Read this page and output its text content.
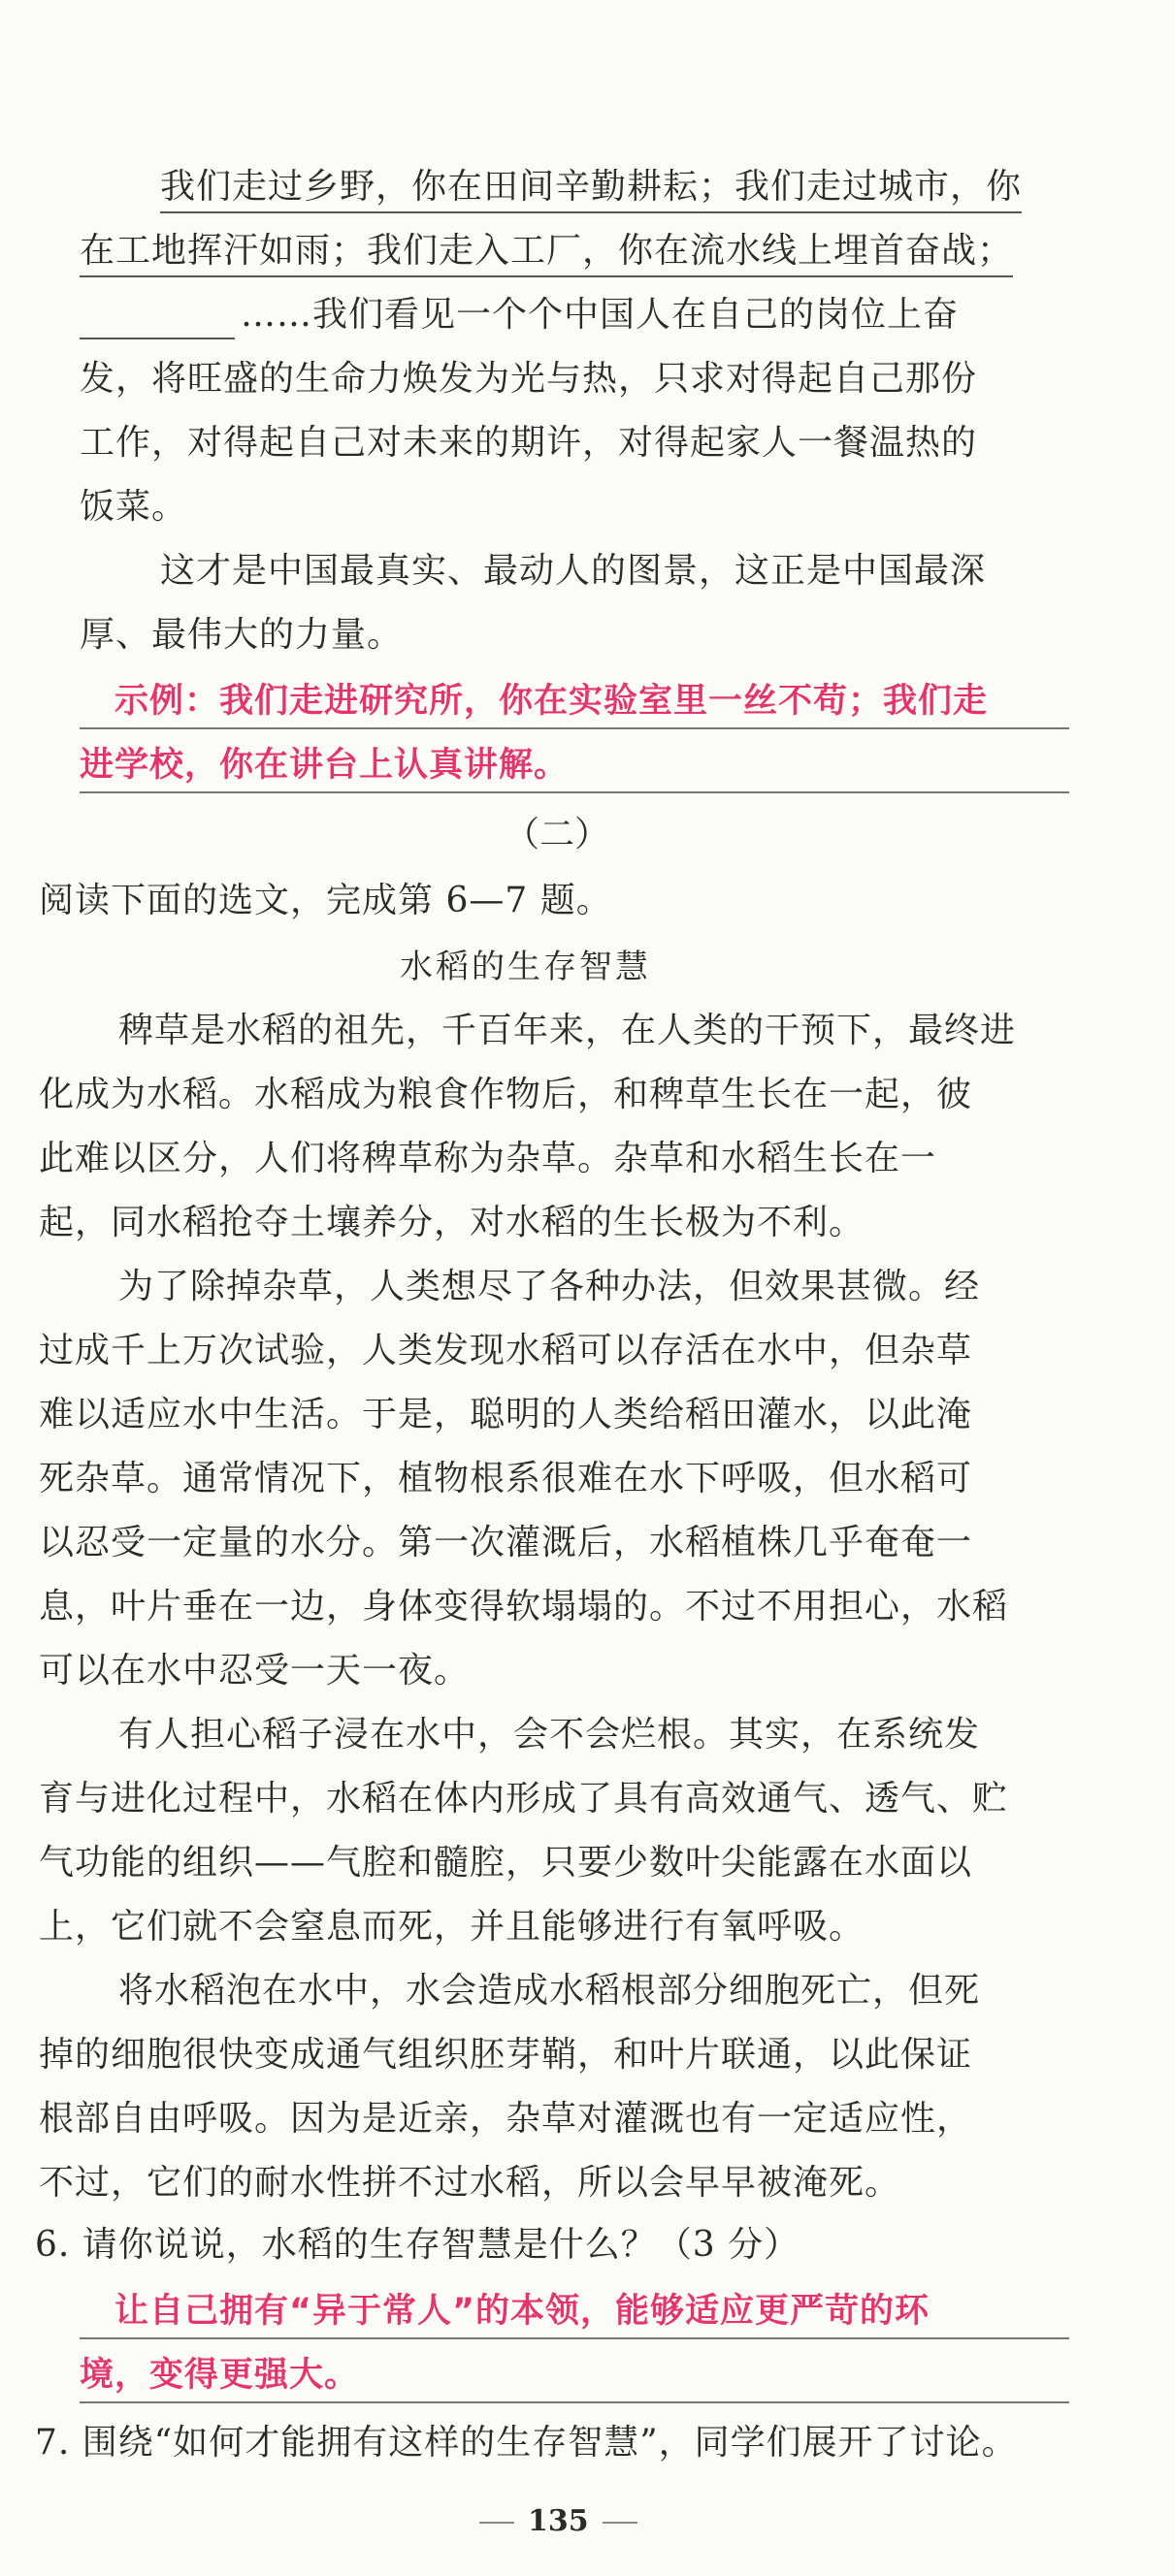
我们走过乡野，你在田间辛勤耕耘；我们走过城市，你
在工地挥汗如雨；我们走入工厂，你在流水线上埋首奋战；
……我们看见一个个中国人在自己的岗位上奋
发，将旺盛的生命力焕发为光与热，只求对得起自己那份
工作，对得起自己对未来的期许，对得起家人一餐温热的
饭菜。
这才是中国最真实、最动人的图景，这正是中国最深
厚、最伟大的力量。
示例：我们走进研究所，你在实验室里一丝不苟；我们走
进学校，你在讲台上认真讲解。
（二）
阅读下面的选文，完成第 6—7 题。
水稻的生存智慧
稗草是水稻的祖先，千百年来，在人类的干预下，最终进
化成为水稻。水稻成为粮食作物后，和稗草生长在一起，彼
此难以区分，人们将稗草称为杂草。杂草和水稻生长在一
起，同水稻抢夺土壤养分，对水稻的生长极为不利。
为了除掉杂草，人类想尽了各种办法，但效果甚微。经
过成千上万次试验，人类发现水稻可以存活在水中，但杂草
难以适应水中生活。于是，聪明的人类给稻田灌水，以此淹
死杂草。通常情况下，植物根系很难在水下呼吸，但水稻可
以忍受一定量的水分。第一次灌溉后，水稻植株几乎奄奄一
息，叶片垂在一边，身体变得软塌塌的。不过不用担心，水稻
可以在水中忍受一天一夜。
有人担心稻子浸在水中，会不会烂根。其实，在系统发
育与进化过程中，水稻在体内形成了具有高效通气、透气、贮
气功能的组织——气腔和髓腔，只要少数叶尖能露在水面以
上，它们就不会窒息而死，并且能够进行有氧呼吸。
将水稻泡在水中，水会造成水稻根部分细胞死亡，但死
掉的细胞很快变成通气组织胚芽鞘，和叶片联通，以此保证
根部自由呼吸。因为是近亲，杂草对灌溉也有一定适应性，
不过，它们的耐水性拼不过水稻，所以会早早被淹死。
6. 请你说说，水稻的生存智慧是什么？（3 分）
让自己拥有“异于常人”的本领，能够适应更严苛的环
境，变得更强大。
7. 围绕“如何才能拥有这样的生存智慧”，同学们展开了讨论。
135
